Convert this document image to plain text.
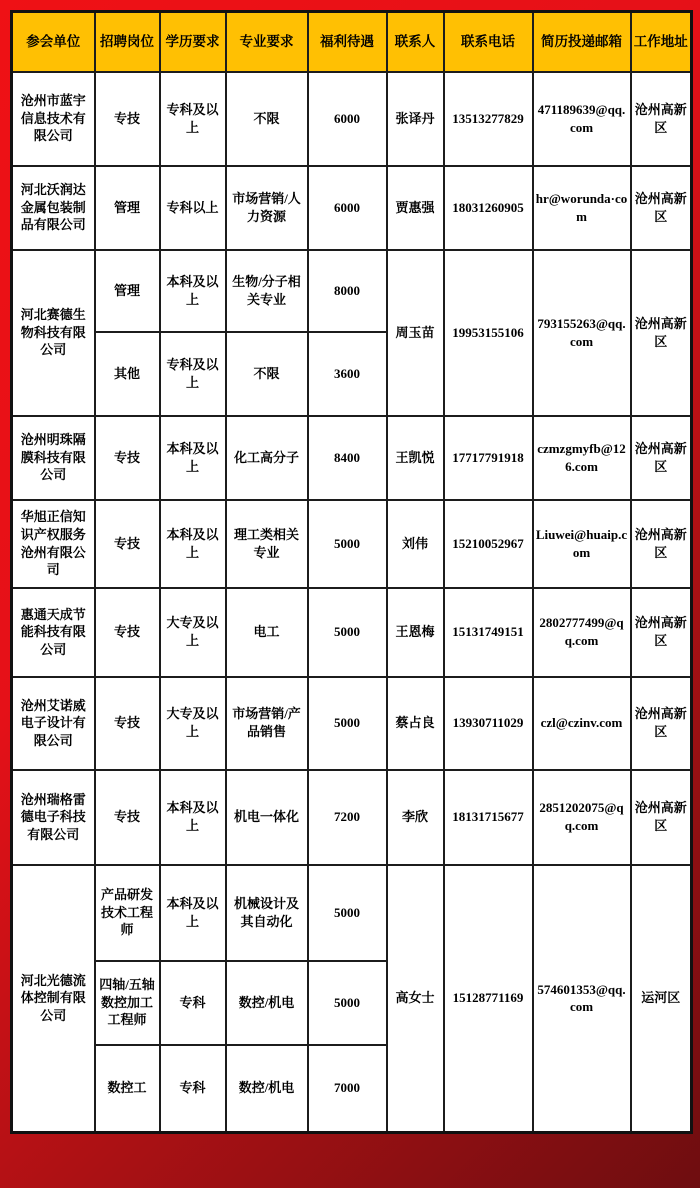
参会单位	招聘岗位	学历要求	专业要求	福利待遇	联系人	联系电话	简历投递邮箱	工作地址
沧州市蓝宇信息技术有限公司	专技	专科及以上	不限	6000	张译丹	13513277829	471189639@qq.com	沧州高新区
河北沃润达金属包装制品有限公司	管理	专科以上	市场营销/人力资源	6000	贾惠强	18031260905	hr@worunda·com	沧州高新区
河北赛德生物科技有限公司	管理	本科及以上	生物/分子相关专业	8000	周玉苗	19953155106	793155263@qq.com	沧州高新区
	其他	专科及以上	不限	3600				
沧州明珠隔膜科技有限公司	专技	本科及以上	化工高分子	8400	王凯悦	17717791918	czmzgmyfb@126.com	沧州高新区
华旭正信知识产权服务沧州有限公司	专技	本科及以上	理工类相关专业	5000	刘伟	15210052967	Liuwei@huaip.com	沧州高新区
惠通天成节能科技有限公司	专技	大专及以上	电工	5000	王恩梅	15131749151	2802777499@qq.com	沧州高新区
沧州艾诺威电子设计有限公司	专技	大专及以上	市场营销/产品销售	5000	蔡占良	13930711029	czl@czinv.com	沧州高新区
沧州瑞格雷德电子科技有限公司	专技	本科及以上	机电一体化	7200	李欣	18131715677	2851202075@qq.com	沧州高新区
河北光德流体控制有限公司	产品研发技术工程师	本科及以上	机械设计及其自动化	5000	高女士	15128771169	574601353@qq.com	运河区
	四轴/五轴数控加工工程师	专科	数控/机电	5000				
	数控工	专科	数控/机电	7000				
